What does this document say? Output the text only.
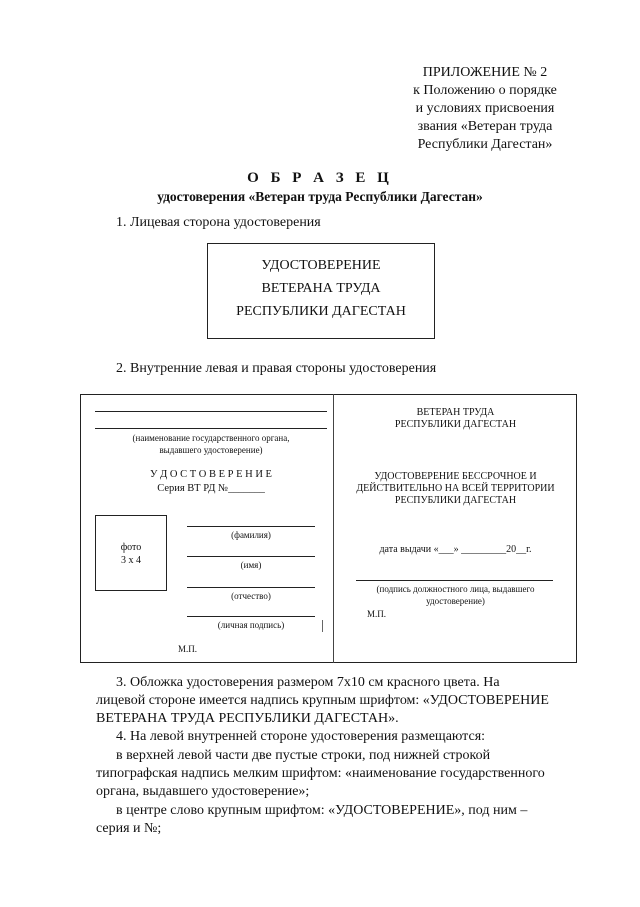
ПРИЛОЖЕНИЕ № 2
к Положению о порядке
и условиях присвоения
звания «Ветеран труда
Республики Дагестан»
О Б Р А З Е Ц
удостоверения «Ветеран труда Республики Дагестан»
1. Лицевая сторона удостоверения
УДОСТОВЕРЕНИЕ
ВЕТЕРАНА ТРУДА
РЕСПУБЛИКИ ДАГЕСТАН
2. Внутренние левая и правая стороны удостоверения
(наименование государственного органа,
выдавшего удостоверение)
У Д О С Т О В Е Р Е Н И Е
Серия ВТ РД №_______
фото
3 х 4
(фамилия)
(имя)
(отчество)
(личная подпись)
М.П.
ВЕТЕРАН ТРУДА
РЕСПУБЛИКИ ДАГЕСТАН
УДОСТОВЕРЕНИЕ БЕССРОЧНОЕ И
ДЕЙСТВИТЕЛЬНО НА ВСЕЙ ТЕРРИТОРИИ
РЕСПУБЛИКИ ДАГЕСТАН
дата выдачи «___» _________20__г.
(подпись должностного лица, выдавшего
удостоверение)
М.П.
3. Обложка удостоверения размером 7х10 см красного цвета. На
лицевой стороне имеется надпись крупным шрифтом: «УДОСТОВЕРЕНИЕ
ВЕТЕРАНА ТРУДА РЕСПУБЛИКИ ДАГЕСТАН».
4. На левой внутренней стороне удостоверения размещаются:
в верхней левой части две пустые строки, под нижней строкой
типографская надпись мелким шрифтом: «наименование государственного
органа, выдавшего удостоверение»;
в центре слово крупным шрифтом: «УДОСТОВЕРЕНИЕ», под ним –
серия и №;
